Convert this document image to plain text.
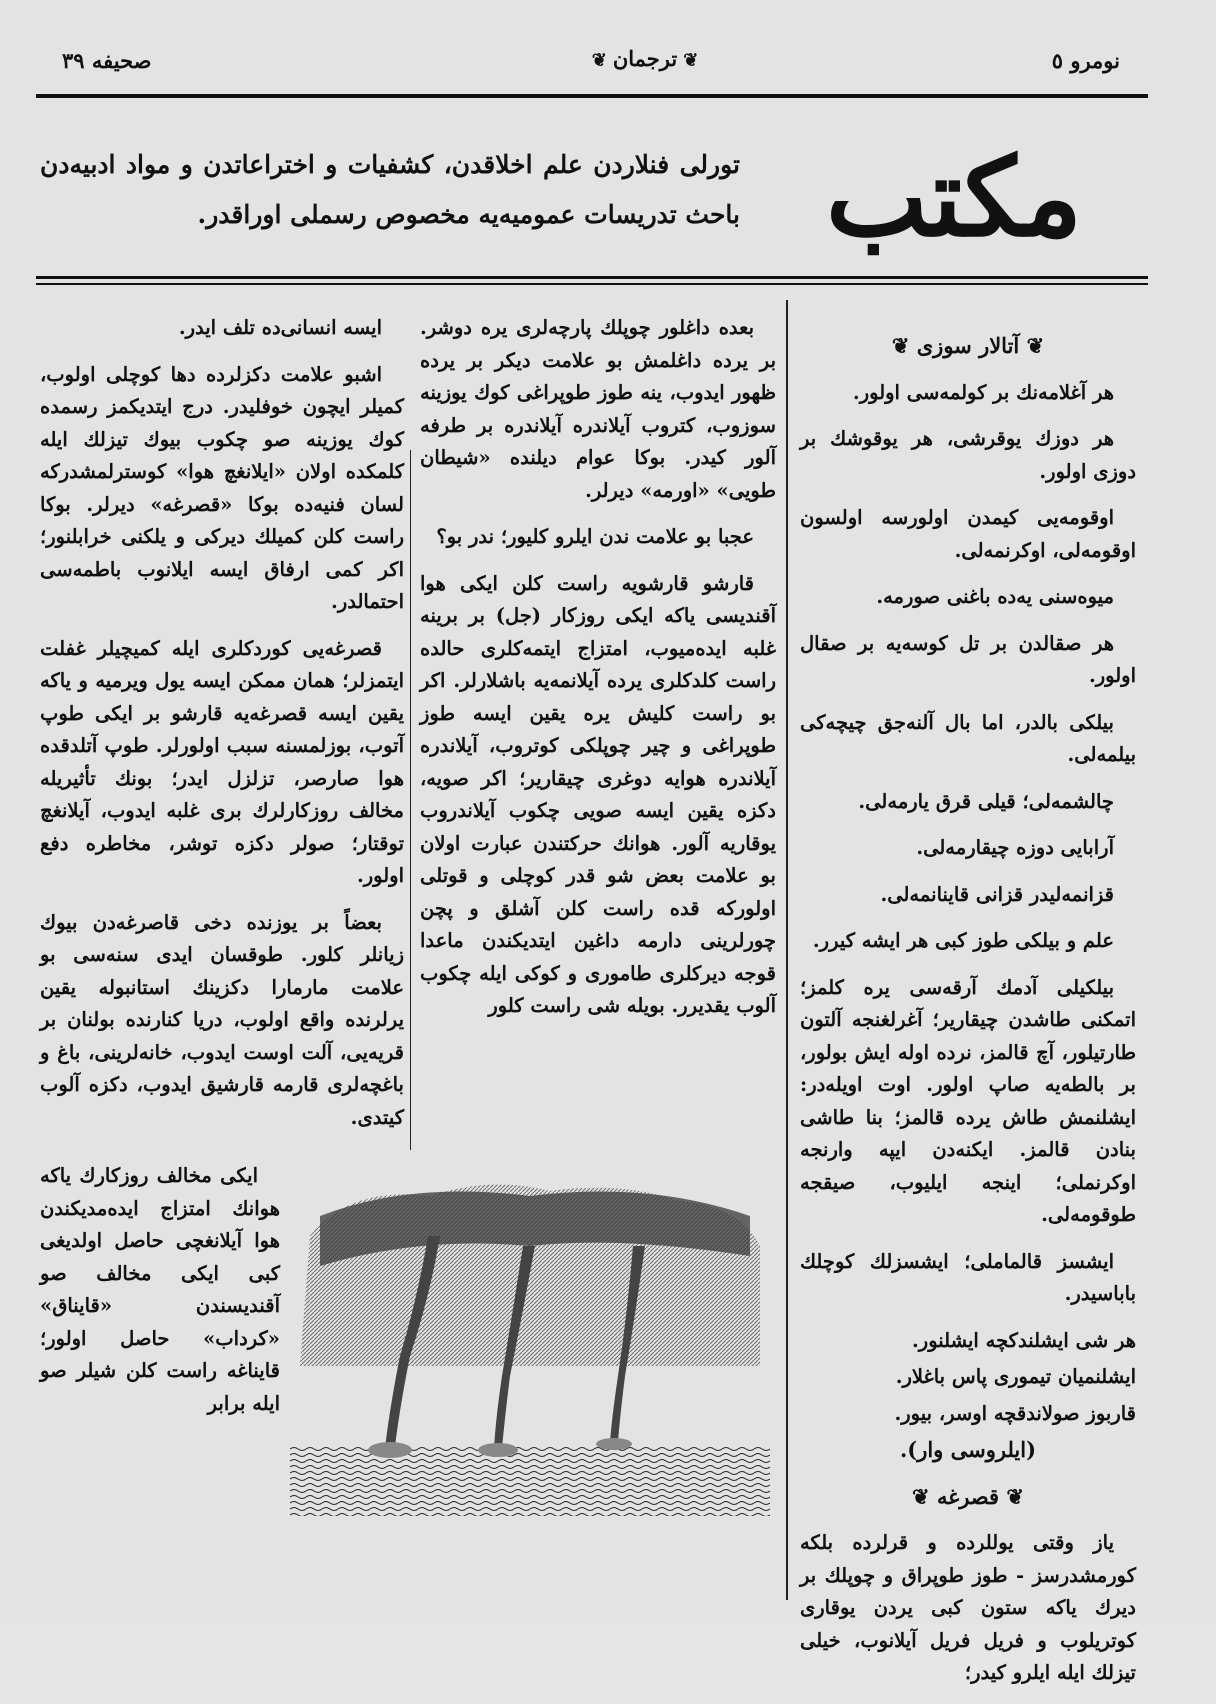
صحيفه ۳۹	❦ ترجمان ❦	نومرو ٥
مكتب
تورلی فنلاردن علم اخلاقدن، كشفيات و اختراعاتدن و مواد ادبيه‌دن باحث تدريسات عموميه‌يه مخصوص رسملی اوراقدر.

❦ آتالار سوزی ❦

هر آغلامه‌نك بر كولمه‌سی اولور.

هر دوزك يوقرشی، هر يوقوشك بر دوزی اولور.

اوقومه‌يی كيمدن اولورسه اولسون اوقومه‌لی، اوكرنمه‌لی.

ميوه‌سنی يه‌ده باغنی صورمه.

هر صقالدن بر تل كوسه‌يه بر صقال اولور.

بيلكی بالدر، اما بال آلنه‌جق چيچه‌كی بيلمه‌لی.

چالشمه‌لی؛ قيلی قرق يارمه‌لی.

آرابايی دوزه چيقارمه‌لی.

قزانمه‌ليدر قزانی قاينانمه‌لی.

علم و بيلكی طوز كبی هر ايشه كيرر.

بيلكيلی آدمك آرقه‌سی يره كلمز؛ اتمكنی طاشدن چيقارير؛ آغرلغنجه آلتون طارتيلور، آچ قالمز، نرده اوله ايش بولور، بر بالطه‌يه صاپ اولور. اوت اويله‌در: ايشلنمش طاش يرده قالمز؛ بنا طاشی بنادن قالمز. ايكنه‌دن ايپه وارنجه اوكرنملی؛ اينجه ايليوب، صيقجه طوقومه‌لی.

ايشسز قالماملی؛ ايشسزلك كوچلك باباسيدر.

هر شی ايشلندكچه ايشلنور.

ايشلنميان تيموری پاس باغلار.

قاربوز صولاندقچه اوسر، بيور.

(ايلروسی وار).

❦ قصرغه ❦

ياز وقتی يوللرده و قرلرده بلكه كورمشدرسز - طوز طوپراق و چوپلك بر ديرك ياكه ستون كبی يردن يوقاری كوتريلوب و فريل فريل آيلانوب، خيلی تيزلك ايله ايلرو كيدر؛

بعده داغلور چوپلك پارچه‌لری يره دوشر. بر يرده داغلمش بو علامت ديكر بر يرده ظهور ايدوب، ينه طوز طوپراغی كوك يوزينه سوزوب، كتروب آيلاندره آيلاندره بر طرفه آلور كيدر. بوكا عوام ديلنده «شيطان طويی» «اورمه» ديرلر.

عجبا بو علامت ندن ايلرو كليور؛ ندر بو؟

قارشو قارشويه راست كلن ايكی هوا آقنديسی ياكه ايكی روزكار (جل) بر برينه غلبه ايده‌ميوب، امتزاج ايتمه‌كلری حالده راست كلدكلری يرده آيلانمه‌يه باشلارلر. اكر بو راست كليش يره يقين ايسه طوز طوپراغی و چير چوپلكی كوتروب، آيلاندره آيلاندره هوايه دوغری چيقارير؛ اكر صويه، دكزه يقين ايسه صويی چكوب آيلاندروب يوقاريه آلور. هوانك حركتندن عبارت اولان بو علامت بعض شو قدر كوچلی و قوتلی اولورکه قده راست كلن آشلق و پچن چورلرينی دارمه داغين ايتديكندن ماعدا قوجه ديركلری طاموری و كوكی ايله چكوب آلوب يقديرر. بويله شی راست كلور

ايسه انسانی‌ده تلف ايدر.

اشبو علامت دكزلرده دها كوچلی اولوب، كميلر ايچون خوفليدر. درج ايتديكمز رسمده كوك يوزينه صو چكوب بيوك تيزلك ايله كلمكده اولان «ايلانغچ هوا» كوسترلمشدركه لسان فنيه‌ده بوكا «قصرغه» ديرلر. بوكا راست كلن كميلك ديركی و يلكنی خرابلنور؛ اكر كمی ارفاق ايسه ايلانوب باطمه‌سی احتمالدر.

قصرغه‌يی كوردكلری ايله كميچيلر غفلت ايتمزلر؛ همان ممكن ايسه يول ويرميه و ياكه يقين ايسه قصرغه‌يه قارشو بر ايكی طوپ آتوب، بوزلمسنه سبب اولورلر. طوپ آتلدقده هوا صارصر، تزلزل ايدر؛ بونك تأثيريله مخالف روزكارلرك بری غلبه ايدوب، آيلانغچ توقتار؛ صولر دكزه توشر، مخاطره دفع اولور.

بعضاً بر يوزنده دخی قاصرغه‌دن بيوك زيانلر كلور. طوقسان ايدی سنه‌سی بو علامت مارمارا دكزينك استانبوله يقين يرلرنده واقع اولوب، دريا كنارنده بولنان بر قريه‌يی، آلت اوست ايدوب، خانه‌لرينی، باغ و باغچه‌لری قارمه قارشيق ايدوب، دكزه آلوب كيتدی.

ايكی مخالف روزكارك ياكه هوانك امتزاج ايده‌مديكندن هوا آيلانغچی حاصل اولديغی كبی ايكی مخالف صو آقنديسندن «قايناق» «كرداب» حاصل اولور؛ قايناغه راست كلن شيلر صو ايله برابر
